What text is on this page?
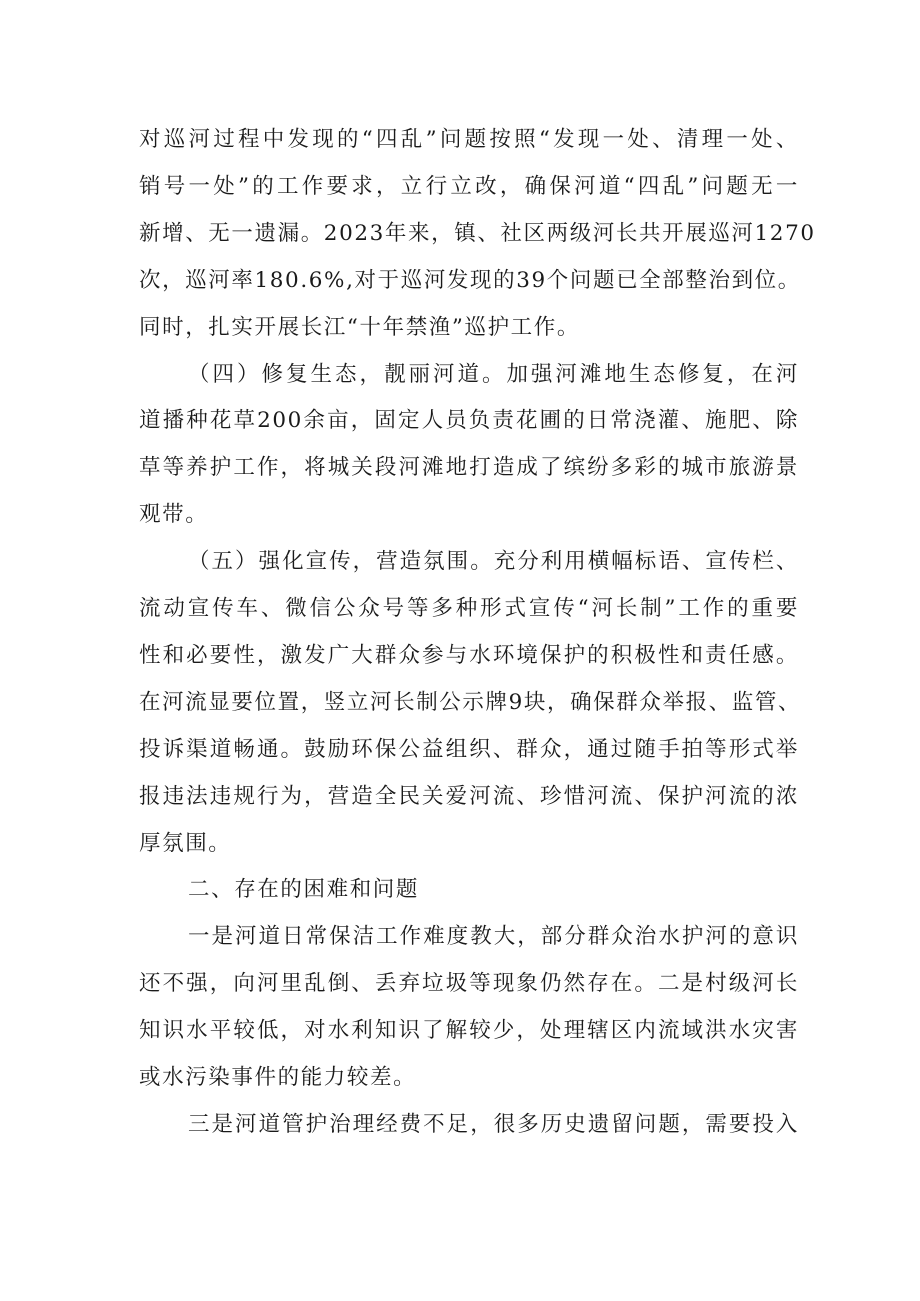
对巡河过程中发现的“四乱”问题按照“发现一处、清理一处、
销号一处”的工作要求，立行立改，确保河道“四乱”问题无一
新增、无一遗漏。2023年来，镇、社区两级河长共开展巡河1270
次，巡河率180.6%,对于巡河发现的39个问题已全部整治到位。
同时，扎实开展长江“十年禁渔”巡护工作。
（四）修复生态，靓丽河道。加强河滩地生态修复，在河
道播种花草200余亩，固定人员负责花圃的日常浇灌、施肥、除
草等养护工作，将城关段河滩地打造成了缤纷多彩的城市旅游景
观带。
（五）强化宣传，营造氛围。充分利用横幅标语、宣传栏、
流动宣传车、微信公众号等多种形式宣传“河长制”工作的重要
性和必要性，激发广大群众参与水环境保护的积极性和责任感。
在河流显要位置，竖立河长制公示牌9块，确保群众举报、监管、
投诉渠道畅通。鼓励环保公益组织、群众，通过随手拍等形式举
报违法违规行为，营造全民关爱河流、珍惜河流、保护河流的浓
厚氛围。
二、存在的困难和问题
一是河道日常保洁工作难度教大，部分群众治水护河的意识
还不强，向河里乱倒、丢弃垃圾等现象仍然存在。二是村级河长
知识水平较低，对水利知识了解较少，处理辖区内流域洪水灾害
或水污染事件的能力较差。
三是河道管护治理经费不足，很多历史遗留问题，需要投入
